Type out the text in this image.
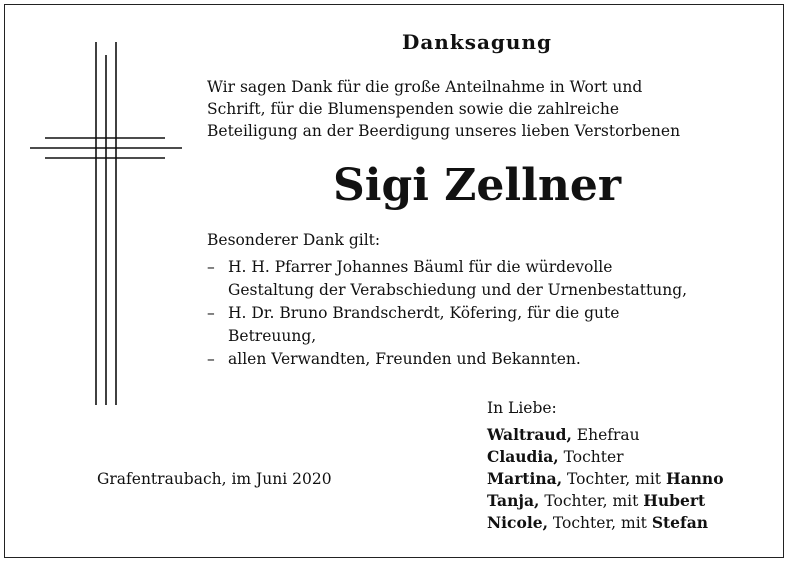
Danksagung
Wir sagen Dank für die große Anteilnahme in Wort und
Schrift, für die Blumenspenden sowie die zahlreiche
Beteiligung an der Beerdigung unseres lieben Verstorbenen
Sigi Zellner
Besonderer Dank gilt:
– H. H. Pfarrer Johannes Bäuml für die würdevolle
Gestaltung der Verabschiedung und der Urnenbestattung,
– H. Dr. Bruno Brandscherdt, Köfering, für die gute
Betreuung,
– allen Verwandten, Freunden und Bekannten.
Grafentraubach, im Juni 2020
In Liebe:
Waltraud, Ehefrau
Claudia, Tochter
Martina, Tochter, mit Hanno
Tanja, Tochter, mit Hubert
Nicole, Tochter, mit Stefan
